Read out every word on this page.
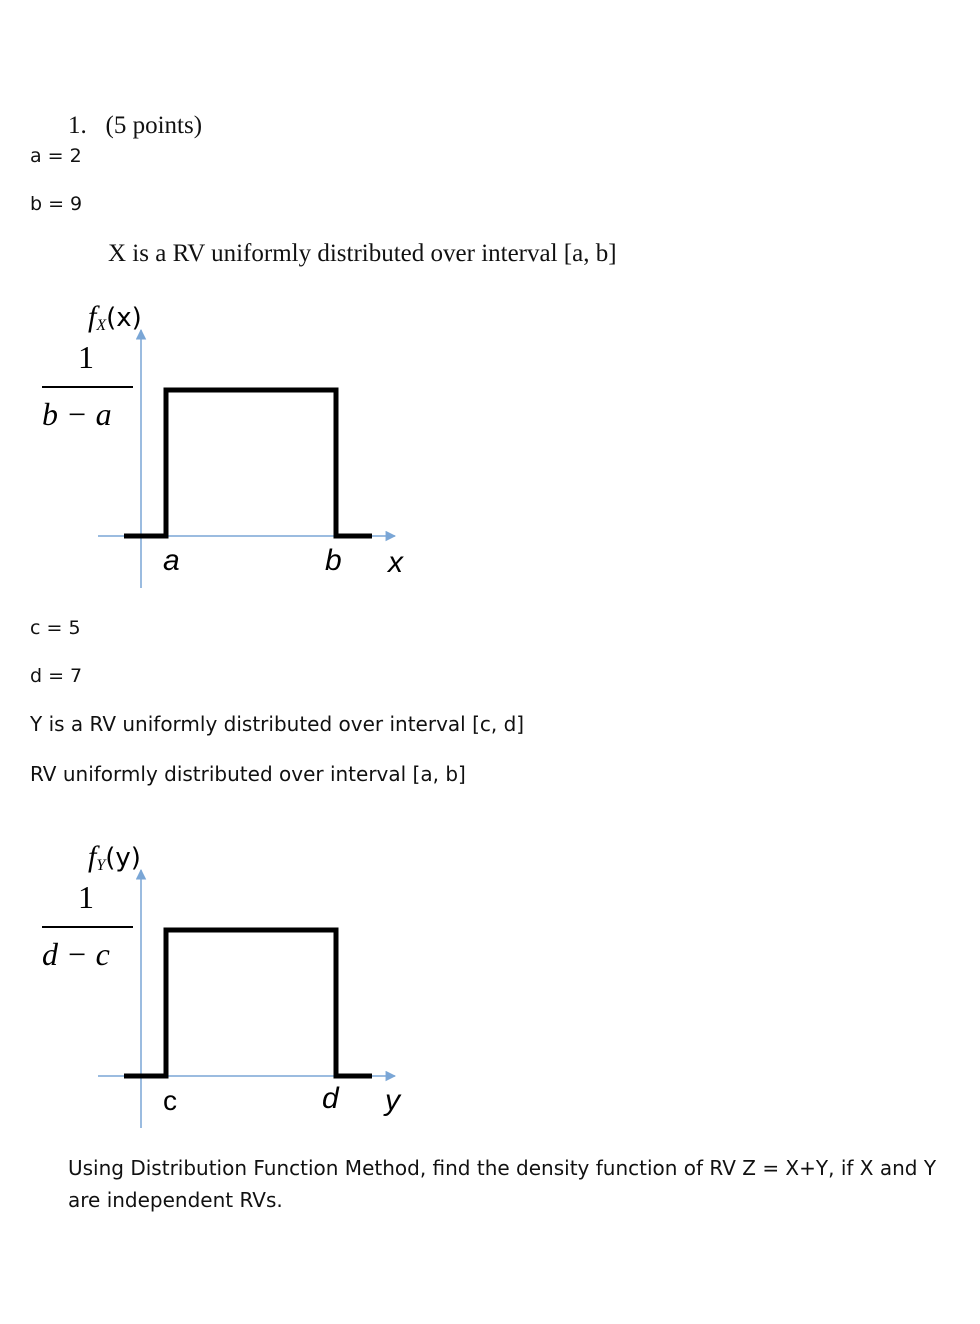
1. (5 points)
a = 2
b = 9
X is a RV uniformly distributed over interval [a, b]
fX(x)
1
b − a
a	b x
c = 5
d = 7
Y is a RV uniformly distributed over interval [c, d]
RV uniformly distributed over interval [a, b]
fY(y)
1
d − c
c	d y
Using Distribution Function Method, find the density function of RV Z = X+Y, if X and Y are independent RVs.
